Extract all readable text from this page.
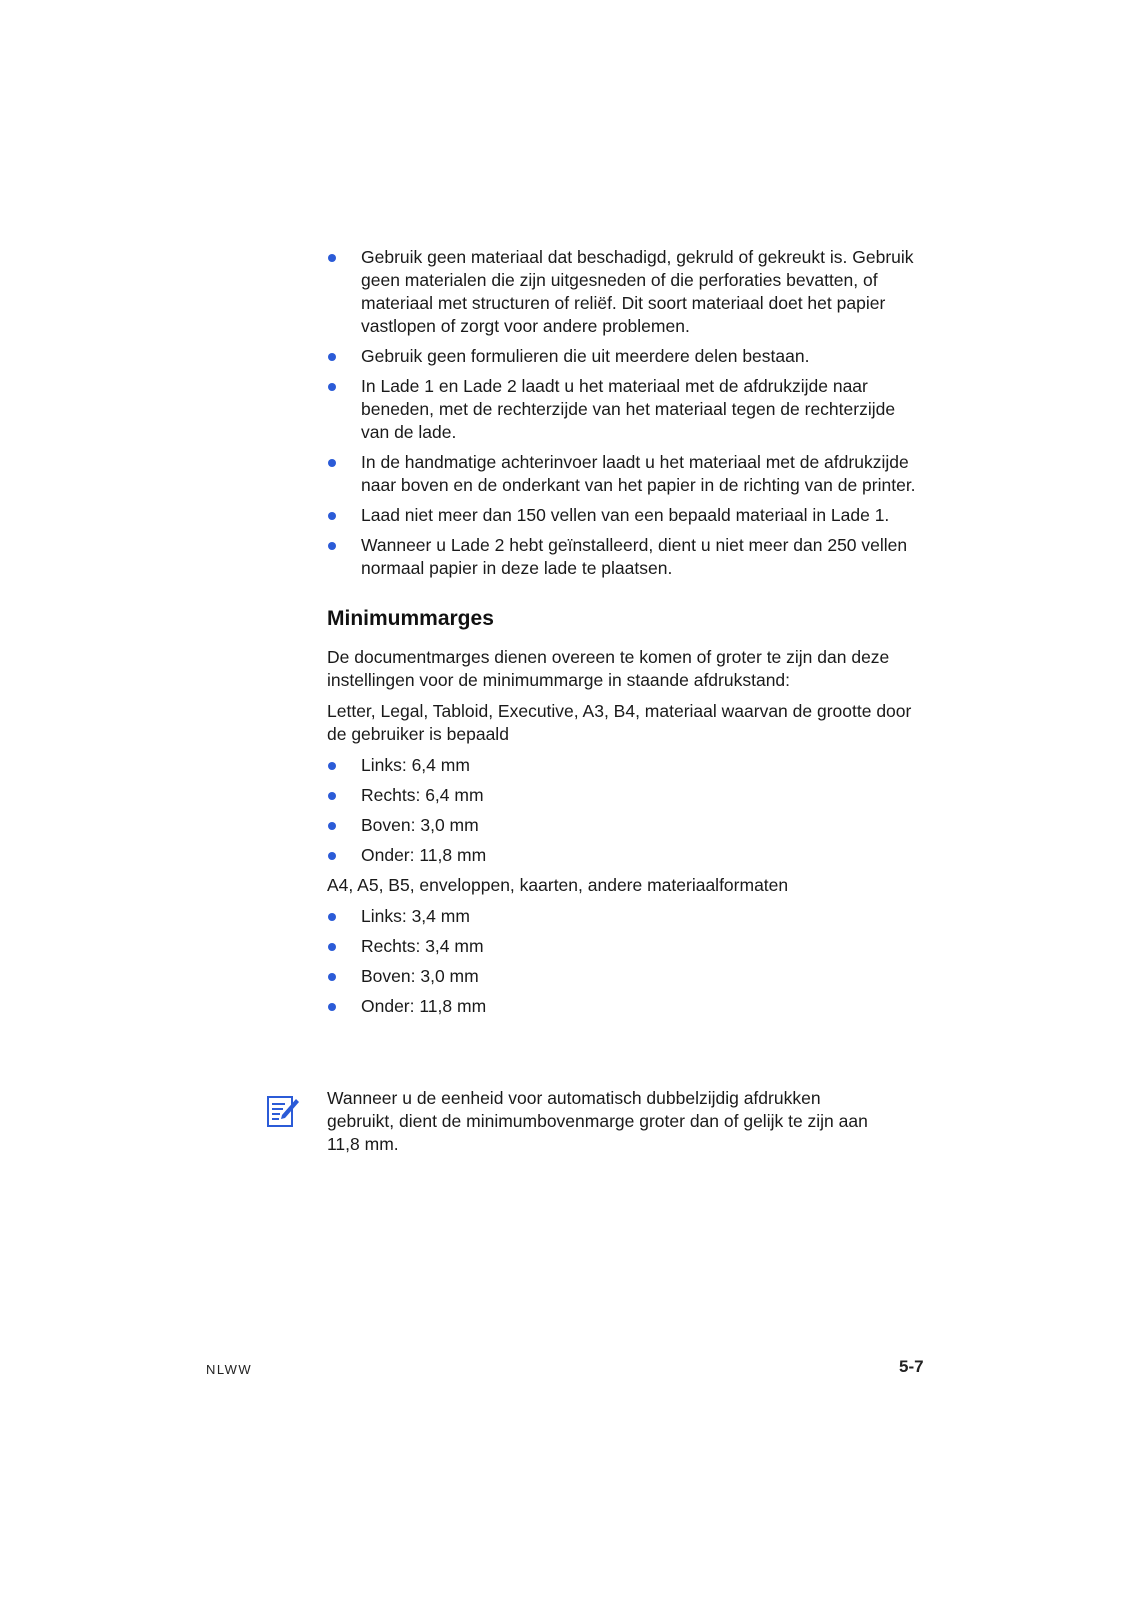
Gebruik geen materiaal dat beschadigd, gekruld of gekreukt is. Gebruik geen materialen die zijn uitgesneden of die perforaties bevatten, of materiaal met structuren of reliëf. Dit soort materiaal doet het papier vastlopen of zorgt voor andere problemen.
Gebruik geen formulieren die uit meerdere delen bestaan.
In Lade 1 en Lade 2 laadt u het materiaal met de afdrukzijde naar beneden, met de rechterzijde van het materiaal tegen de rechterzijde van de lade.
In de handmatige achterinvoer laadt u het materiaal met de afdrukzijde naar boven en de onderkant van het papier in de richting van de printer.
Laad niet meer dan 150 vellen van een bepaald materiaal in Lade 1.
Wanneer u Lade 2 hebt geïnstalleerd, dient u niet meer dan 250 vellen normaal papier in deze lade te plaatsen.
Minimummarges

De documentmarges dienen overeen te komen of groter te zijn dan deze instellingen voor de minimummarge in staande afdrukstand:

Letter, Legal, Tabloid, Executive, A3, B4, materiaal waarvan de grootte door de gebruiker is bepaald

Links: 6,4 mm
Rechts: 6,4 mm
Boven: 3,0 mm
Onder: 11,8 mm

A4, A5, B5, enveloppen, kaarten, andere materiaalformaten

Links: 3,4 mm
Rechts: 3,4 mm
Boven: 3,0 mm
Onder: 11,8 mm
Wanneer u de eenheid voor automatisch dubbelzijdig afdrukken gebruikt, dient de minimumbovenmarge groter dan of gelijk te zijn aan 11,8 mm.
NLWW	5-7
